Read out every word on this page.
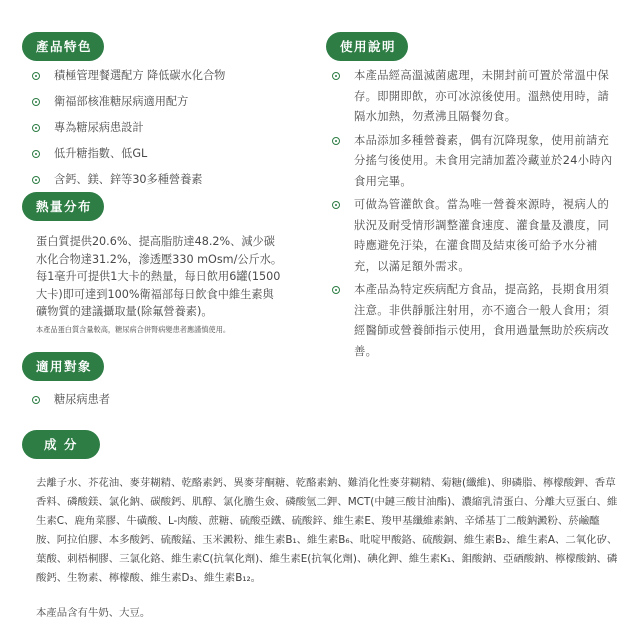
產品特色
熱量分布
適用對象
使用說明
成 分
積極管理餐選配方 降低碳水化合物
衛福部核准糖尿病適用配方
專為糖尿病患設計
低升糖指數、低GL
含鈣、鎂、鋅等30多種營養素
蛋白質提供20.6%、提高脂肪達48.2%、減少碳
水化合物達31.2%，滲透壓330 mOsm/公斤水。
每1毫升可提供1大卡的熱量，每日飲用6罐(1500
大卡)即可達到100%衛福部每日飲食中維生素與
礦物質的建議攝取量(除氟營養素)。

本產品蛋白質含量較高，糖尿病合併腎病變患者應謹慎使用。

糖尿病患者
本產品經高溫滅菌處理，未開封前可置於常溫中保存。即開即飲，亦可冰涼後使用。溫熱使用時，請隔水加熱，勿煮沸且隔餐勿食。
本品添加多種營養素，偶有沉降現象，使用前請充分搖勻後使用。未食用完請加蓋冷藏並於24小時內食用完畢。
可做為管灌飲食。當為唯一營養來源時，視病人的狀況及耐受情形調整灌食速度、灌食量及濃度，同時應避免汙染，在灌食間及結束後可給予水分補充，以滿足額外需求。
本產品為特定疾病配方食品，提高銘，長期食用須注意。非供靜脈注射用，亦不適合一般人食用；須經醫師或營養師指示使用，食用過量無助於疾病改善。

去離子水、芥花油、麥芽糊精、乾酪素鈣、異麥芽酮糖、乾酪素鈉、難消化性麥芽糊精、菊糖(纖維)、卵磷脂、檸檬酸鉀、香草香料、磷酸鎂、氯化鈉、碳酸鈣、肌醇、氯化膽生僉、磷酸氫二鉀、MCT(中鏈三酸甘油酯)、濃縮乳清蛋白、分離大豆蛋白、維生素C、鹿角菜膠、牛磺酸、L-肉酸、蔗糖、硫酸亞鐵、硫酸鋅、維生素E、羧甲基纖維素鈉、辛烯基丁二酸鈉澱粉、菸鹼醯胺、阿拉伯膠、本多酸鈣、硫酸錳、玉米澱粉、維生素B₁、維生素B₆、吡啶甲酸鉻、硫酸銅、維生素B₂、維生素A、二氧化矽、葉酸、刺梧桐膠、三氯化鉻、維生素C(抗氧化劑)、維生素E(抗氧化劑)、碘化鉀、維生素K₁、鉬酸鈉、亞硒酸鈉、檸檬酸鈉、磷酸鈣、生物素、檸檬酸、維生素D₃、維生素B₁₂。

本產品含有牛奶、大豆。
